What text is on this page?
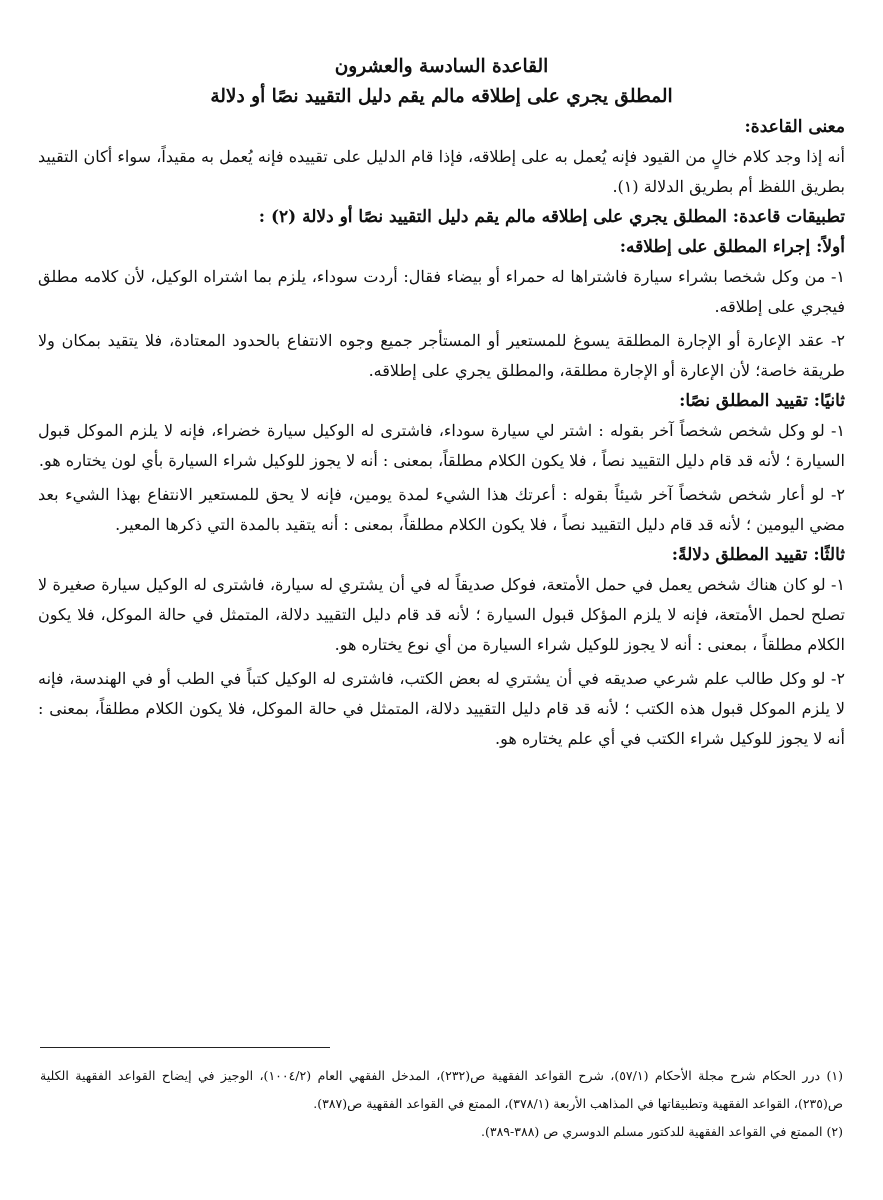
القاعدة السادسة والعشرون

المطلق يجري على إطلاقه مالم يقم دليل التقييد نصًا أو دلالة

معنى القاعدة:

أنه إذا وجد كلام خالٍ من القيود فإنه يُعمل به على إطلاقه، فإذا قام الدليل على تقييده فإنه يُعمل به مقيداً، سواء أكان التقييد بطريق اللفظ أم بطريق الدلالة (١).

تطبيقات قاعدة: المطلق يجري على إطلاقه مالم يقم دليل التقييد نصًا أو دلالة (٢) :

أولاً: إجراء المطلق على إطلاقه:

١- من وكل شخصا بشراء سيارة فاشتراها له حمراء أو بيضاء فقال: أردت سوداء، يلزم بما اشتراه الوكيل، لأن كلامه مطلق فيجري على إطلاقه.

٢- عقد الإعارة أو الإجارة المطلقة يسوغ للمستعير أو المستأجر جميع وجوه الانتفاع بالحدود المعتادة، فلا يتقيد بمكان ولا طريقة خاصة؛ لأن الإعارة أو الإجارة مطلقة، والمطلق يجري على إطلاقه.

ثانيًا: تقييد المطلق نصًا:

١- لو وكل شخص شخصاً آخر بقوله : اشتر لي سيارة سوداء، فاشترى له الوكيل سيارة خضراء، فإنه لا يلزم الموكل قبول السيارة ؛ لأنه قد قام دليل التقييد نصاً ، فلا يكون الكلام مطلقاً، بمعنى : أنه لا يجوز للوكيل شراء السيارة بأي لون يختاره هو.

٢- لو أعار شخص شخصاً آخر شيئاً بقوله : أعرتك هذا الشيء لمدة يومين، فإنه لا يحق للمستعير الانتفاع بهذا الشيء بعد مضي اليومين ؛ لأنه قد قام دليل التقييد نصاً ، فلا يكون الكلام مطلقاً، بمعنى : أنه يتقيد بالمدة التي ذكرها المعير.

ثالثًا: تقييد المطلق دلالةً:

١- لو كان هناك شخص يعمل في حمل الأمتعة، فوكل صديقاً له في أن يشتري له سيارة، فاشترى له الوكيل سيارة صغيرة لا تصلح لحمل الأمتعة، فإنه لا يلزم المؤكل قبول السيارة ؛ لأنه قد قام دليل التقييد دلالة، المتمثل في حالة الموكل، فلا يكون الكلام مطلقاً ، بمعنى : أنه لا يجوز للوكيل شراء السيارة من أي نوع يختاره هو.

٢- لو وكل طالب علم شرعي صديقه في أن يشتري له بعض الكتب، فاشترى له الوكيل كتباً في الطب أو في الهندسة، فإنه لا يلزم الموكل قبول هذه الكتب ؛ لأنه قد قام دليل التقييد دلالة، المتمثل في حالة الموكل، فلا يكون الكلام مطلقاً، بمعنى : أنه لا يجوز للوكيل شراء الكتب في أي علم يختاره هو.

(١) درر الحكام شرح مجلة الأحكام (٥٧/١)، شرح القواعد الفقهية ص(٢٣٢)، المدخل الفقهي العام (١٠٠٤/٢)، الوجيز في إيضاح القواعد الفقهية الكلية ص(٢٣٥)، القواعد الفقهية وتطبيقاتها في المذاهب الأربعة (٣٧٨/١)، الممتع في القواعد الفقهية ص(٣٨٧).

(٢) الممتع في القواعد الفقهية للدكتور مسلم الدوسري ص (٣٨٨-٣٨٩).
